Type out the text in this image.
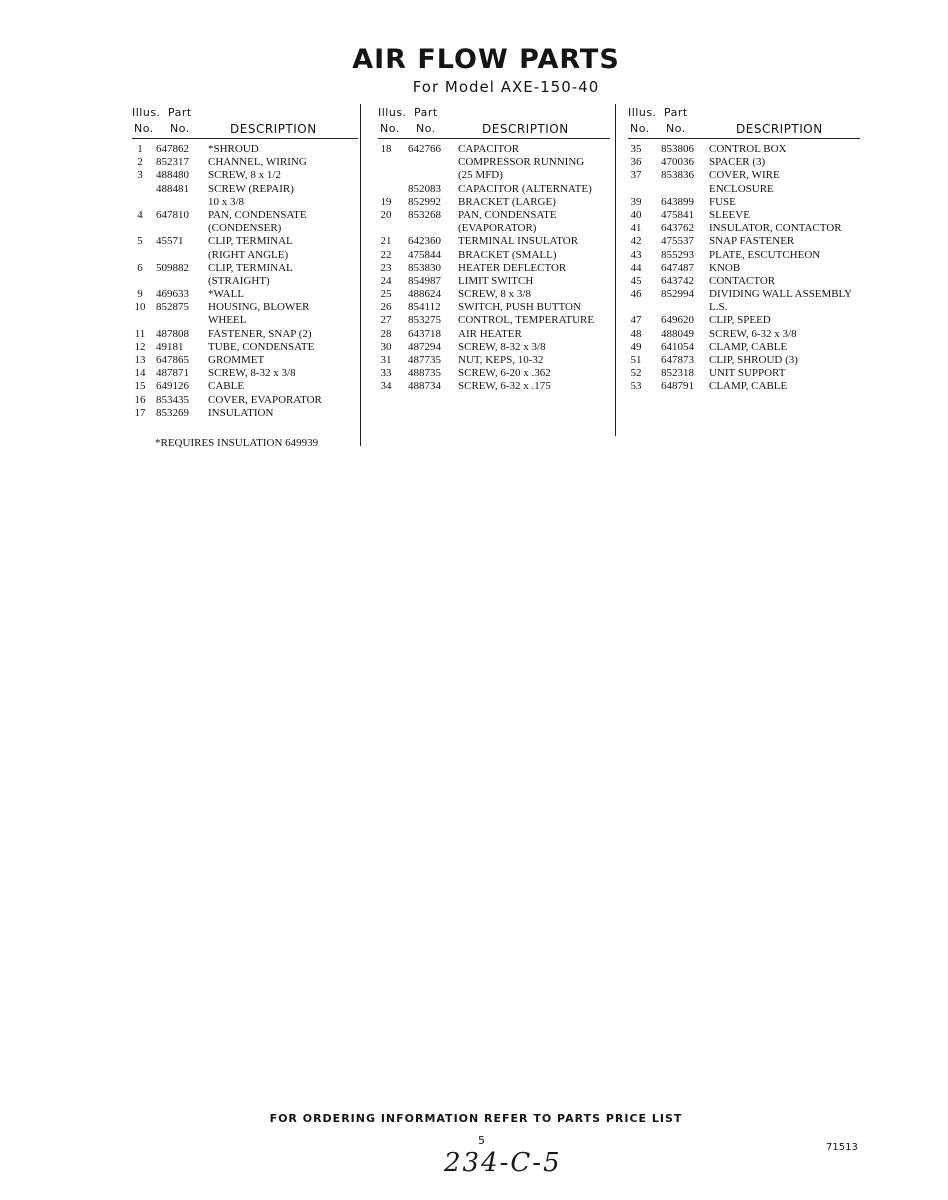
AIR FLOW PARTS
For Model AXE-150-40
Illus. Part
No. No.	DESCRIPTION
1	647862 *SHROUD
2	852317 CHANNEL, WIRING
3	488480 SCREW, 8 x 1/2
488481 SCREW (REPAIR)
10 x 3/8
4	647810 PAN, CONDENSATE
(CONDENSER)
5	45571 CLIP, TERMINAL
(RIGHT ANGLE)
6	509882 CLIP, TERMINAL
(STRAIGHT)
9	469633 *WALL
10 852875 HOUSING, BLOWER
WHEEL
11 487808 FASTENER, SNAP (2)
12 49181 TUBE, CONDENSATE
13 647865 GROMMET
14 487871 SCREW, 8-32 x 3/8
15 649126 CABLE
16 853435 COVER, EVAPORATOR
17 853269 INSULATION
Illus. Part
No. No.	DESCRIPTION
18 642766 CAPACITOR
COMPRESSOR RUNNING
(25 MFD)
852083 CAPACITOR (ALTERNATE)
19 852992 BRACKET (LARGE)
20 853268 PAN, CONDENSATE
(EVAPORATOR)
21 642360 TERMINAL INSULATOR
22 475844 BRACKET (SMALL)
23 853830 HEATER DEFLECTOR
24 854987 LIMIT SWITCH
25 488624 SCREW, 8 x 3/8
26 854112 SWITCH, PUSH BUTTON
27 853275 CONTROL, TEMPERATURE
28 643718 AIR HEATER
30 487294 SCREW, 8-32 x 3/8
31 487735 NUT, KEPS, 10-32
33 488735 SCREW, 6-20 x .362
34 488734 SCREW, 6-32 x .175
Illus. Part
No. No.	DESCRIPTION
35 853806 CONTROL BOX
36 470036 SPACER (3)
37 853836 COVER, WIRE
ENCLOSURE
39 643899 FUSE
40 475841 SLEEVE
41 643762 INSULATOR, CONTACTOR
42 475537 SNAP FASTENER
43 855293 PLATE, ESCUTCHEON
44 647487 KNOB
45 643742 CONTACTOR
46 852994 DIVIDING WALL ASSEMBLY
L.S.
47 649620 CLIP, SPEED
48 488049 SCREW, 6-32 x 3/8
49 641054 CLAMP, CABLE
51 647873 CLIP, SHROUD (3)
52 852318 UNIT SUPPORT
53 648791 CLAMP, CABLE
*REQUIRES INSULATION 649939
FOR ORDERING INFORMATION REFER TO PARTS PRICE LIST
5
71513
234-C-5
